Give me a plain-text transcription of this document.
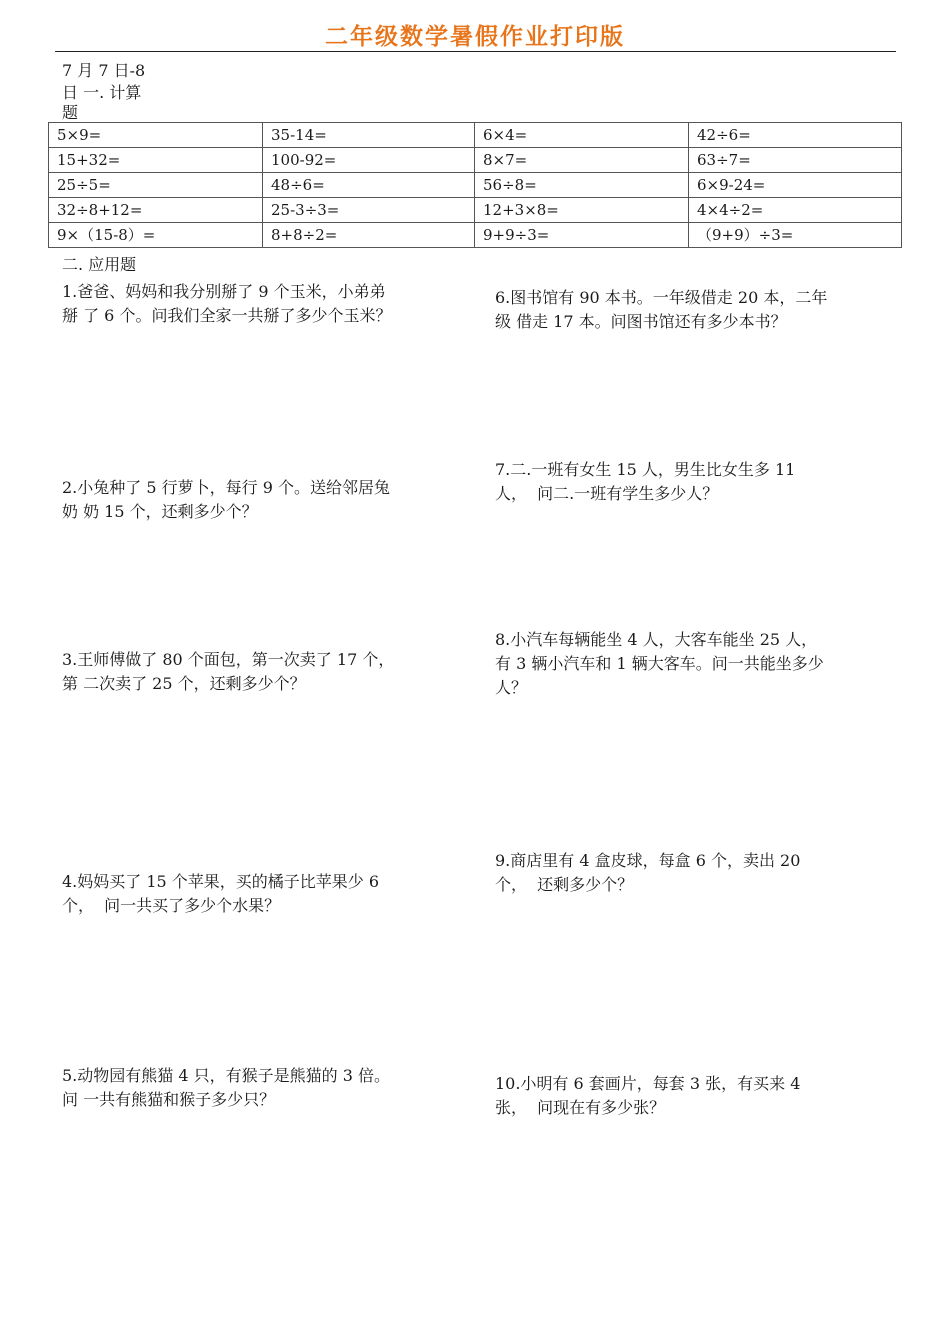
二年级数学暑假作业打印版
7 月 7 日-8
日 一. 计算
题
5×9=	35-14=	6×4=	42÷6=
15+32=	100-92=	8×7=	63÷7=
25÷5=	48÷6=	56÷8=	6×9-24=
32÷8+12=	25-3÷3=	12+3×8=	4×4÷2=
9×（15-8）=	8+8÷2=	9+9÷3=	（9+9）÷3=
二. 应用题
1.爸爸、妈妈和我分别掰了 9 个玉米，小弟弟
掰 了 6 个。问我们全家一共掰了多少个玉米？
2.小兔种了 5 行萝卜，每行 9 个。送给邻居兔
奶 奶 15 个，还剩多少个？
3.王师傅做了 80 个面包，第一次卖了 17 个，
第 二次卖了 25 个，还剩多少个？
4.妈妈买了 15 个苹果，买的橘子比苹果少 6
个，  问一共买了多少个水果？
5.动物园有熊猫 4 只，有猴子是熊猫的 3 倍。
问 一共有熊猫和猴子多少只？
6.图书馆有 90 本书。一年级借走 20 本，二年
级 借走 17 本。问图书馆还有多少本书？
7.二.一班有女生 15 人，男生比女生多 11
人，  问二.一班有学生多少人？
8.小汽车每辆能坐 4 人，大客车能坐 25 人，
有 3 辆小汽车和 1 辆大客车。问一共能坐多少
人？
9.商店里有 4 盒皮球，每盒 6 个，卖出 20
个，  还剩多少个？
10.小明有 6 套画片，每套 3 张，有买来 4
张，  问现在有多少张？
